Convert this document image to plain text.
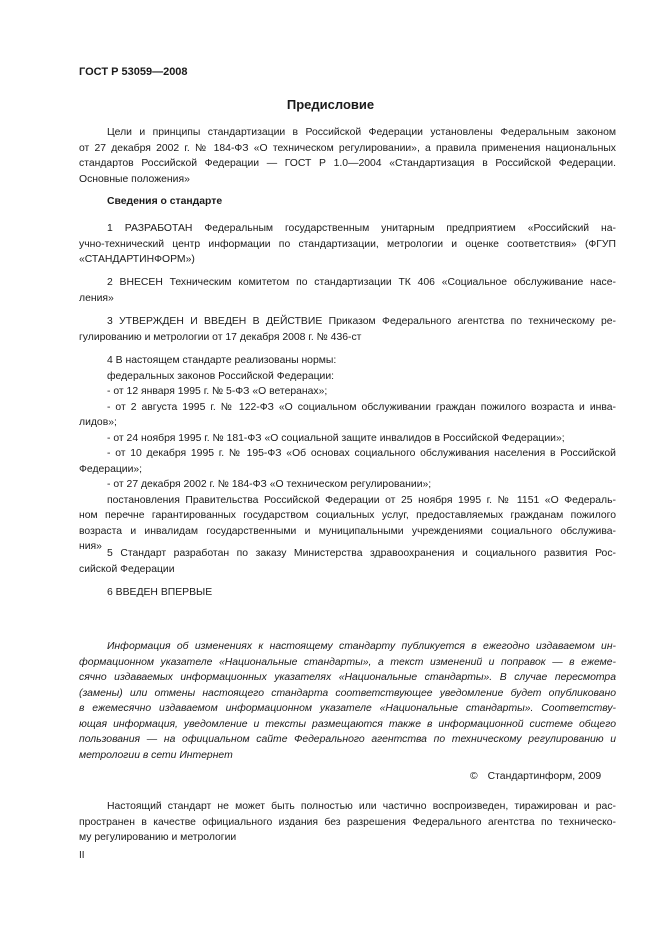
ГОСТ Р 53059—2008
Предисловие
Цели и принципы стандартизации в Российской Федерации установлены Федеральным законом
от 27 декабря 2002 г. № 184-ФЗ «О техническом регулировании», а правила применения национальных
стандартов Российской Федерации — ГОСТ Р 1.0—2004 «Стандартизация в Российской Федерации.
Основные положения»
Сведения о стандарте
1 РАЗРАБОТАН Федеральным государственным унитарным предприятием «Российский на-
учно-технический центр информации по стандартизации, метрологии и оценке соответствия» (ФГУП
«СТАНДАРТИНФОРМ»)
2 ВНЕСЕН Техническим комитетом по стандартизации ТК 406 «Социальное обслуживание насе-
ления»
3 УТВЕРЖДЕН И ВВЕДЕН В ДЕЙСТВИЕ Приказом Федерального агентства по техническому ре-
гулированию и метрологии от 17 декабря 2008 г. № 436-ст
4 В настоящем стандарте реализованы нормы:
федеральных законов Российской Федерации:
- от 12 января 1995 г. № 5-ФЗ «О ветеранах»;
- от 2 августа 1995 г. № 122-ФЗ «О социальном обслуживании граждан пожилого возраста и инва-
лидов»;
- от 24 ноября 1995 г. № 181-ФЗ «О социальной защите инвалидов в Российской Федерации»;
- от 10 декабря 1995 г. № 195-ФЗ «Об основах социального обслуживания населения в Российской
Федерации»;
- от 27 декабря 2002 г. № 184-ФЗ «О техническом регулировании»;
постановления Правительства Российской Федерации от 25 ноября 1995 г. № 1151 «О Федераль-
ном перечне гарантированных государством социальных услуг, предоставляемых гражданам пожилого
возраста и инвалидам государственными и муниципальными учреждениями социального обслужива-
ния»
5 Стандарт разработан по заказу Министерства здравоохранения и социального развития Рос-
сийской Федерации
6 ВВЕДЕН ВПЕРВЫЕ
Информация об изменениях к настоящему стандарту публикуется в ежегодно издаваемом ин-
формационном указателе «Национальные стандарты», а текст изменений и поправок — в ежеме-
сячно издаваемых информационных указателях «Национальные стандарты». В случае пересмотра
(замены) или отмены настоящего стандарта соответствующее уведомление будет опубликовано
в ежемесячно издаваемом информационном указателе «Национальные стандарты». Соответству-
ющая информация, уведомление и тексты размещаются также в информационной системе общего
пользования — на официальном сайте Федерального агентства по техническому регулированию и
метрологии в сети Интернет
© Стандартинформ, 2009
Настоящий стандарт не может быть полностью или частично воспроизведен, тиражирован и рас-
пространен в качестве официального издания без разрешения Федерального агентства по техническо-
му регулированию и метрологии
II
